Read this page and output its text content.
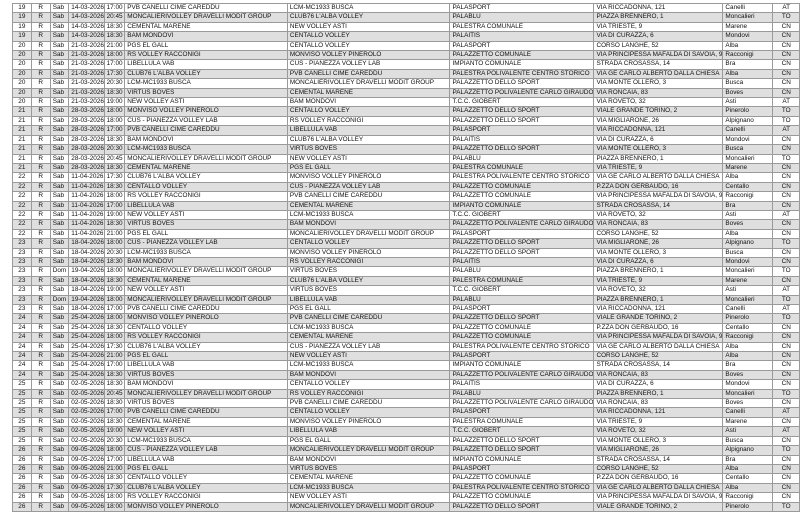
19	R	Sab	14-03-2026	17:00	PVB CANELLI CIME CAREDDU	LCM-MC1933 BUSCA	PALASPORT	VIA RICCADONNA, 121	Canelli	AT
19	R	Sab	14-03-2026	20:45	MONCALIERIVOLLEY DRAVELLI MODIT GROUP	CLUB76 L'ALBA VOLLEY	PALABLU	PIAZZA BRENNERO, 1	Moncalieri	TO
19	R	Sab	14-03-2026	18:30	CEMENTAL MARENE	NEW VOLLEY ASTI	PALESTRA COMUNALE	VIA TRIESTE, 9	Marene	CN
19	R	Sab	14-03-2026	18:30	BAM MONDOVI	CENTALLO VOLLEY	PALAITIS	VIA DI CURAZZA, 6	Mondovi	CN
20	R	Sab	21-03-2026	21:00	PGS EL GALL	CENTALLO VOLLEY	PALASPORT	CORSO LANGHE, 52	Alba	CN
20	R	Sab	21-03-2026	18:00	RS VOLLEY RACCONIGI	MONVISO VOLLEY PINEROLO	PALAZZETTO COMUNALE	VIA PRINCIPESSA MAFALDA DI SAVOIA, 9	Racconigi	CN
20	R	Sab	21-03-2026	17:00	LIBELLULA VAB	CUS - PIANEZZA VOLLEY LAB	IMPIANTO COMUNALE	STRADA CROSASSA, 14	Bra	CN
20	R	Sab	21-03-2026	17:30	CLUB76 L'ALBA VOLLEY	PVB CANELLI CIME CAREDDU	PALESTRA POLIVALENTE CENTRO STORICO	VIA GE CARLO ALBERTO DALLA CHIESA	Alba	CN
20	R	Sab	21-03-2026	20:30	LCM-MC1933 BUSCA	MONCALIERIVOLLEY DRAVELLI MODIT GROUP	PALAZZETTO DELLO SPORT	VIA MONTE OLLERO, 3	Busca	CN
20	R	Sab	21-03-2026	18:30	VIRTUS BOVES	CEMENTAL MARENE	PALAZZETTO POLIVALENTE CARLO GIRAUDO	VIA RONCAIA, 83	Boves	CN
20	R	Sab	21-03-2026	19:00	NEW VOLLEY ASTI	BAM MONDOVI	T.C.C. GIOBERT	VIA ROVETO, 32	Asti	AT
21	R	Sab	28-03-2026	18:00	MONVISO VOLLEY PINEROLO	CENTALLO VOLLEY	PALAZZETTO DELLO SPORT	VIALE GRANDE TORINO, 2	Pinerolo	TO
21	R	Sab	28-03-2026	18:00	CUS - PIANEZZA VOLLEY LAB	RS VOLLEY RACCONIGI	PALAZZETTO DELLO SPORT	VIA MIGLIARONE, 26	Alpignano	TO
21	R	Sab	28-03-2026	17:00	PVB CANELLI CIME CAREDDU	LIBELLULA VAB	PALASPORT	VIA RICCADONNA, 121	Canelli	AT
21	R	Sab	28-03-2026	18:30	BAM MONDOVI	CLUB76 L'ALBA VOLLEY	PALAITIS	VIA DI CURAZZA, 6	Mondovi	CN
21	R	Sab	28-03-2026	20:30	LCM-MC1933 BUSCA	VIRTUS BOVES	PALAZZETTO DELLO SPORT	VIA MONTE OLLERO, 3	Busca	CN
21	R	Sab	28-03-2026	20:45	MONCALIERIVOLLEY DRAVELLI MODIT GROUP	NEW VOLLEY ASTI	PALABLU	PIAZZA BRENNERO, 1	Moncalieri	TO
21	R	Sab	28-03-2026	18:30	CEMENTAL MARENE	PGS EL GALL	PALESTRA COMUNALE	VIA TRIESTE, 9	Marene	CN
22	R	Sab	11-04-2026	17:30	CLUB76 L'ALBA VOLLEY	MONVISO VOLLEY PINEROLO	PALESTRA POLIVALENTE CENTRO STORICO	VIA GE CARLO ALBERTO DALLA CHIESA	Alba	CN
22	R	Sab	11-04-2026	18:30	CENTALLO VOLLEY	CUS - PIANEZZA VOLLEY LAB	PALAZZETTO COMUNALE	P.ZZA DON GERBAUDO, 16	Centallo	CN
22	R	Sab	11-04-2026	18:00	RS VOLLEY RACCONIGI	PVB CANELLI CIME CAREDDU	PALAZZETTO COMUNALE	VIA PRINCIPESSA MAFALDA DI SAVOIA, 9	Racconigi	CN
22	R	Sab	11-04-2026	17:00	LIBELLULA VAB	CEMENTAL MARENE	IMPIANTO COMUNALE	STRADA CROSASSA, 14	Bra	CN
22	R	Sab	11-04-2026	19:00	NEW VOLLEY ASTI	LCM-MC1933 BUSCA	T.C.C. GIOBERT	VIA ROVETO, 32	Asti	AT
22	R	Sab	11-04-2026	18:30	VIRTUS BOVES	BAM MONDOVI	PALAZZETTO POLIVALENTE CARLO GIRAUDO	VIA RONCAIA, 83	Boves	CN
22	R	Sab	11-04-2026	21:00	PGS EL GALL	MONCALIERIVOLLEY DRAVELLI MODIT GROUP	PALASPORT	CORSO LANGHE, 52	Alba	CN
23	R	Sab	18-04-2026	18:00	CUS - PIANEZZA VOLLEY LAB	CENTALLO VOLLEY	PALAZZETTO DELLO SPORT	VIA MIGLIARONE, 26	Alpignano	TO
23	R	Sab	18-04-2026	20:30	LCM-MC1933 BUSCA	MONVISO VOLLEY PINEROLO	PALAZZETTO DELLO SPORT	VIA MONTE OLLERO, 3	Busca	CN
23	R	Sab	18-04-2026	18:30	BAM MONDOVI	RS VOLLEY RACCONIGI	PALAITIS	VIA DI CURAZZA, 6	Mondovi	CN
23	R	Dom	19-04-2026	18:00	MONCALIERIVOLLEY DRAVELLI MODIT GROUP	VIRTUS BOVES	PALABLU	PIAZZA BRENNERO, 1	Moncalieri	TO
23	R	Sab	18-04-2026	18:30	CEMENTAL MARENE	CLUB76 L'ALBA VOLLEY	PALESTRA COMUNALE	VIA TRIESTE, 9	Marene	CN
23	R	Sab	18-04-2026	19:00	NEW VOLLEY ASTI	VIRTUS BOVES	T.C.C. GIOBERT	VIA ROVETO, 32	Asti	AT
23	R	Dom	19-04-2026	18:00	MONCALIERIVOLLEY DRAVELLI MODIT GROUP	LIBELLULA VAB	PALABLU	PIAZZA BRENNERO, 1	Moncalieri	TO
23	R	Sab	18-04-2026	17:00	PVB CANELLI CIME CAREDDU	PGS EL GALL	PALASPORT	VIA RICCADONNA, 121	Canelli	AT
24	R	Sab	25-04-2026	18:00	MONVISO VOLLEY PINEROLO	PVB CANELLI CIME CAREDDU	PALAZZETTO DELLO SPORT	VIALE GRANDE TORINO, 2	Pinerolo	TO
24	R	Sab	25-04-2026	18:30	CENTALLO VOLLEY	LCM-MC1933 BUSCA	PALAZZETTO COMUNALE	P.ZZA DON GERBAUDO, 16	Centallo	CN
24	R	Sab	25-04-2026	18:00	RS VOLLEY RACCONIGI	CEMENTAL MARENE	PALAZZETTO COMUNALE	VIA PRINCIPESSA MAFALDA DI SAVOIA, 9	Racconigi	CN
24	R	Sab	25-04-2026	17:30	CLUB76 L'ALBA VOLLEY	CUS - PIANEZZA VOLLEY LAB	PALESTRA POLIVALENTE CENTRO STORICO	VIA GE CARLO ALBERTO DALLA CHIESA	Alba	CN
24	R	Sab	25-04-2026	21:00	PGS EL GALL	NEW VOLLEY ASTI	PALASPORT	CORSO LANGHE, 52	Alba	CN
24	R	Sab	25-04-2026	17:00	LIBELLULA VAB	LCM-MC1933 BUSCA	IMPIANTO COMUNALE	STRADA CROSASSA, 14	Bra	CN
24	R	Sab	25-04-2026	18:30	VIRTUS BOVES	BAM MONDOVI	PALAZZETTO POLIVALENTE CARLO GIRAUDO	VIA RONCAIA, 83	Boves	CN
25	R	Sab	02-05-2026	18:30	BAM MONDOVI	CENTALLO VOLLEY	PALAITIS	VIA DI CURAZZA, 6	Mondovi	CN
25	R	Sab	02-05-2026	20:45	MONCALIERIVOLLEY DRAVELLI MODIT GROUP	RS VOLLEY RACCONIGI	PALABLU	PIAZZA BRENNERO, 1	Moncalieri	TO
25	R	Sab	02-05-2026	18:30	VIRTUS BOVES	PVB CANELLI CIME CAREDDU	PALAZZETTO POLIVALENTE CARLO GIRAUDO	VIA RONCAIA, 83	Boves	CN
25	R	Sab	02-05-2026	17:00	PVB CANELLI CIME CAREDDU	CENTALLO VOLLEY	PALASPORT	VIA RICCADONNA, 121	Canelli	AT
25	R	Sab	02-05-2026	18:30	CEMENTAL MARENE	MONVISO VOLLEY PINEROLO	PALESTRA COMUNALE	VIA TRIESTE, 9	Marene	CN
25	R	Sab	02-05-2026	19:00	NEW VOLLEY ASTI	LIBELLULA VAB	T.C.C. GIOBERT	VIA ROVETO, 32	Asti	AT
25	R	Sab	02-05-2026	20:30	LCM-MC1933 BUSCA	PGS EL GALL	PALAZZETTO DELLO SPORT	VIA MONTE OLLERO, 3	Busca	CN
26	R	Sab	09-05-2026	18:00	CUS - PIANEZZA VOLLEY LAB	MONCALIERIVOLLEY DRAVELLI MODIT GROUP	PALAZZETTO DELLO SPORT	VIA MIGLIARONE, 26	Alpignano	TO
26	R	Sab	09-05-2026	17:00	LIBELLULA VAB	BAM MONDOVI	IMPIANTO COMUNALE	STRADA CROSASSA, 14	Bra	CN
26	R	Sab	09-05-2026	21:00	PGS EL GALL	VIRTUS BOVES	PALASPORT	CORSO LANGHE, 52	Alba	CN
26	R	Sab	09-05-2026	18:30	CENTALLO VOLLEY	CEMENTAL MARENE	PALAZZETTO COMUNALE	P.ZZA DON GERBAUDO, 16	Centallo	CN
26	R	Sab	09-05-2026	17:30	CLUB76 L'ALBA VOLLEY	LCM-MC1933 BUSCA	PALESTRA POLIVALENTE CENTRO STORICO	VIA GE CARLO ALBERTO DALLA CHIESA	Alba	CN
26	R	Sab	09-05-2026	18:00	RS VOLLEY RACCONIGI	NEW VOLLEY ASTI	PALAZZETTO COMUNALE	VIA PRINCIPESSA MAFALDA DI SAVOIA, 9	Racconigi	CN
26	R	Sab	09-05-2026	18:00	MONVISO VOLLEY PINEROLO	MONCALIERIVOLLEY DRAVELLI MODIT GROUP	PALAZZETTO DELLO SPORT	VIALE GRANDE TORINO, 2	Pinerolo	TO
